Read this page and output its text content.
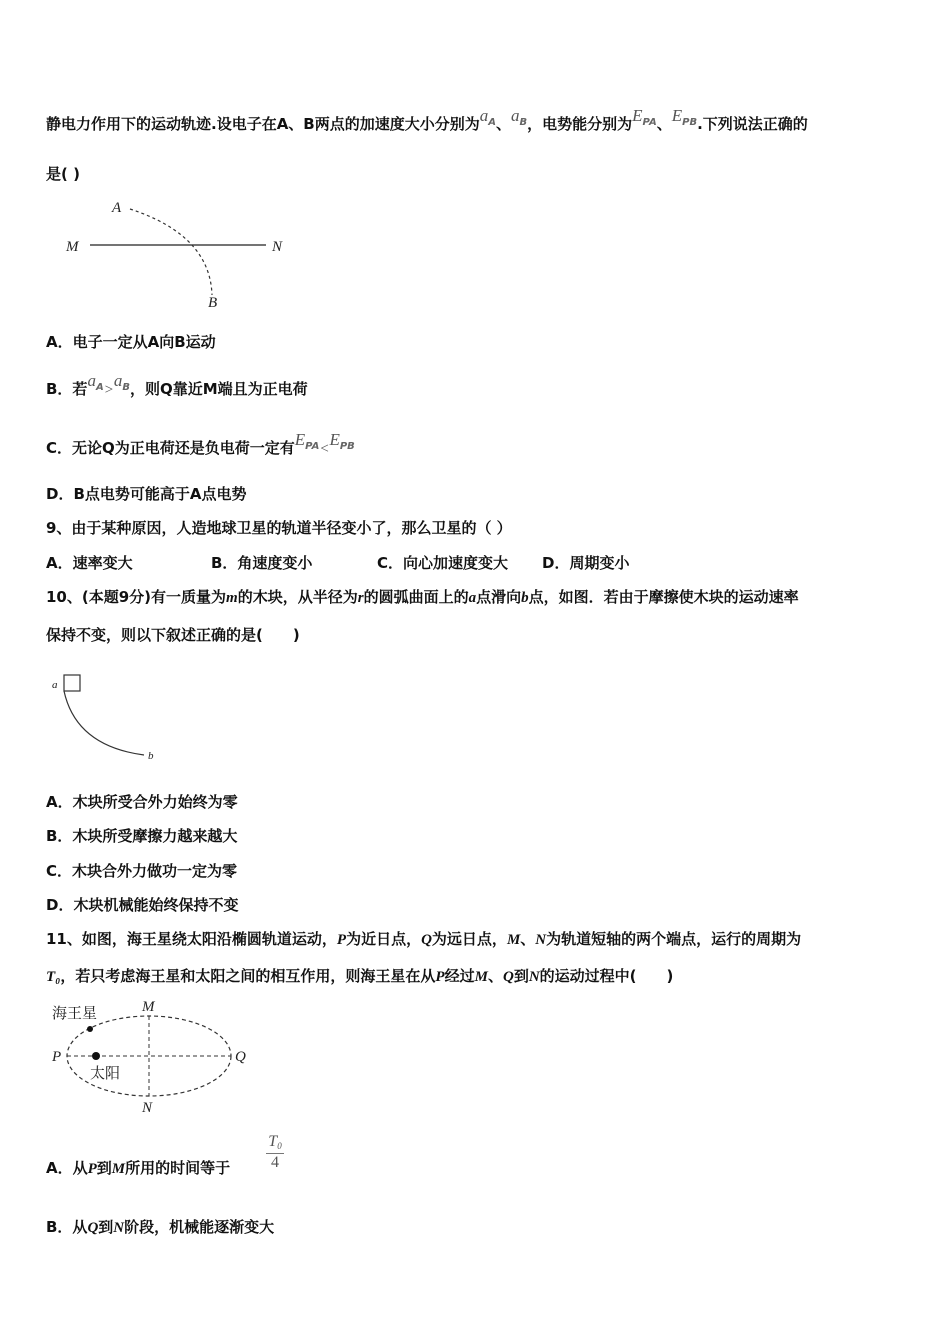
静电力作用下的运动轨迹.设电子在A、B两点的加速度大小分别为$a_A$、$a_B$，电势能分别为$E_{PA}$、$E_{PB}$.下列说法正确的
是( )
A
M	N
B
A．电子一定从A向B运动
B．若$a_A>a_B$，则Q靠近M端且为正电荷
C．无论Q为正电荷还是负电荷一定有$E_{PA}<E_{PB}$
D．B点电势可能高于A点电势
9、由于某种原因，人造地球卫星的轨道半径变小了，那么卫星的（ ）
A．速率变大	B．角速度变小	C．向心加速度变大 D．周期变小
10、(本题9分)有一质量为m的木块，从半径为r的圆弧曲面上的a点滑向b点，如图．若由于摩擦使木块的运动速率
保持不变，则以下叙述正确的是(　　)
a
b
A．木块所受合外力始终为零
B．木块所受摩擦力越来越大
C．木块合外力做功一定为零
D．木块机械能始终保持不变
11、如图，海王星绕太阳沿椭圆轨道运动，P为近日点，Q为远日点，M、N为轨道短轴的两个端点，运行的周期为
T₀，若只考虑海王星和太阳之间的相互作用，则海王星在从P经过M、Q到N的运动过程中(　　)
海王星
太阳
M
N
P	Q
A．从P到M所用的时间等于
T0
4
B．从Q到N阶段，机械能逐渐变大
